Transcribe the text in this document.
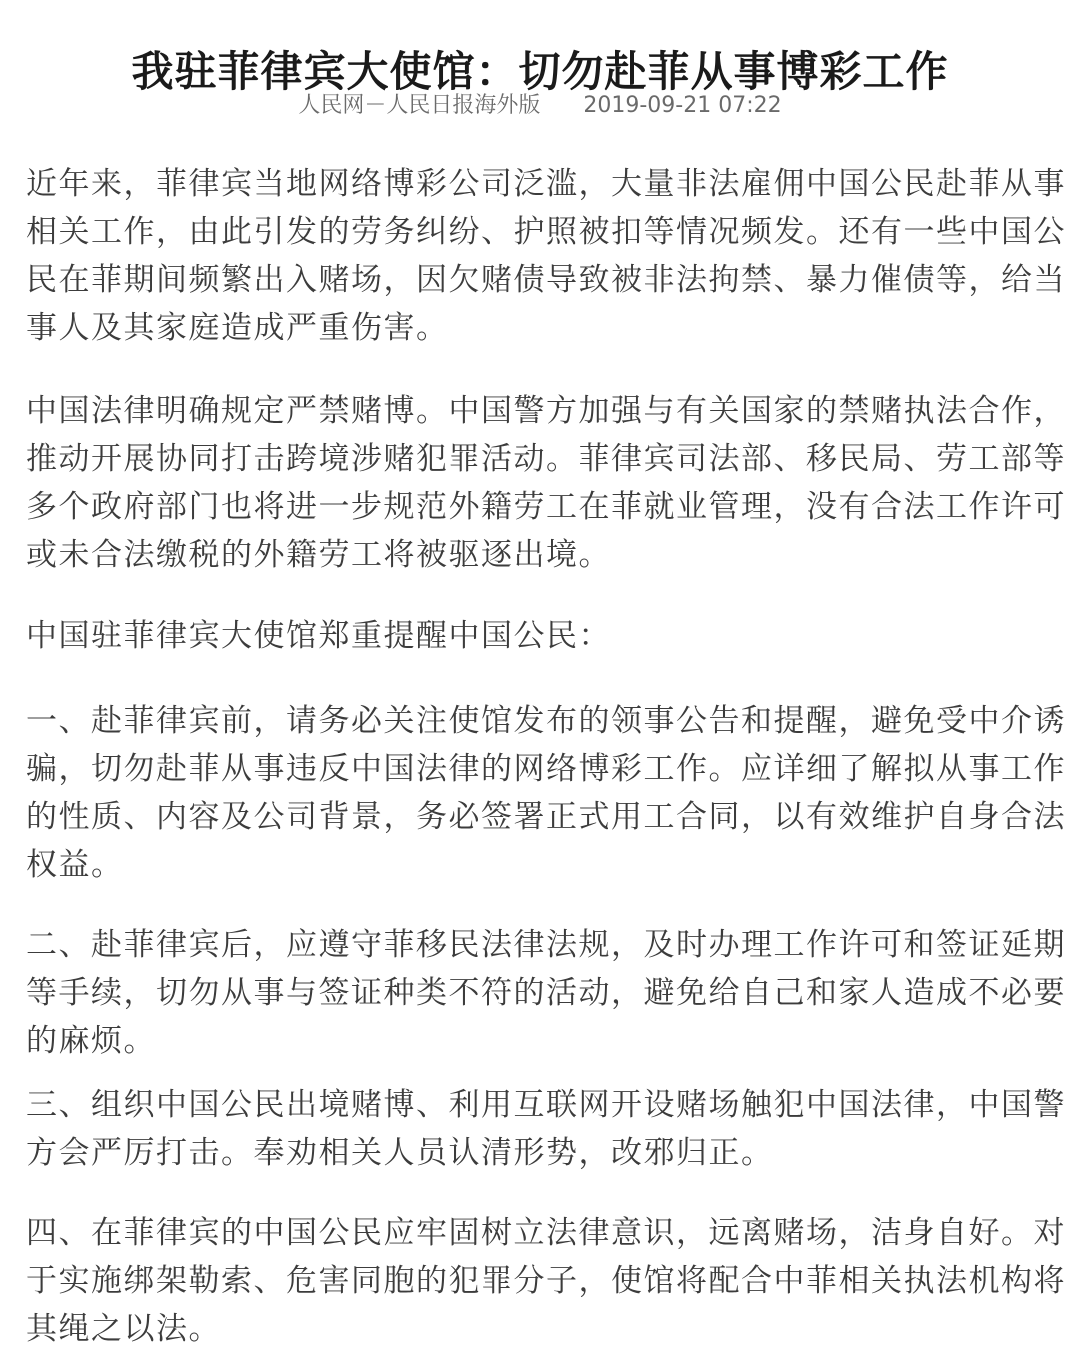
我驻菲律宾大使馆：切勿赴菲从事博彩工作
人民网－人民日报海外版 2019-09-21 07:22

近年来，菲律宾当地网络博彩公司泛滥，大量非法雇佣中国公民赴菲从事相关工作，由此引发的劳务纠纷、护照被扣等情况频发。还有一些中国公民在菲期间频繁出入赌场，因欠赌债导致被非法拘禁、暴力催债等，给当事人及其家庭造成严重伤害。

中国法律明确规定严禁赌博。中国警方加强与有关国家的禁赌执法合作，推动开展协同打击跨境涉赌犯罪活动。菲律宾司法部、移民局、劳工部等多个政府部门也将进一步规范外籍劳工在菲就业管理，没有合法工作许可或未合法缴税的外籍劳工将被驱逐出境。

中国驻菲律宾大使馆郑重提醒中国公民：

一、赴菲律宾前，请务必关注使馆发布的领事公告和提醒，避免受中介诱骗，切勿赴菲从事违反中国法律的网络博彩工作。应详细了解拟从事工作的性质、内容及公司背景，务必签署正式用工合同，以有效维护自身合法权益。

二、赴菲律宾后，应遵守菲移民法律法规，及时办理工作许可和签证延期等手续，切勿从事与签证种类不符的活动，避免给自己和家人造成不必要的麻烦。

三、组织中国公民出境赌博、利用互联网开设赌场触犯中国法律，中国警方会严厉打击。奉劝相关人员认清形势，改邪归正。

四、在菲律宾的中国公民应牢固树立法律意识，远离赌场，洁身自好。对于实施绑架勒索、危害同胞的犯罪分子，使馆将配合中菲相关执法机构将其绳之以法。
